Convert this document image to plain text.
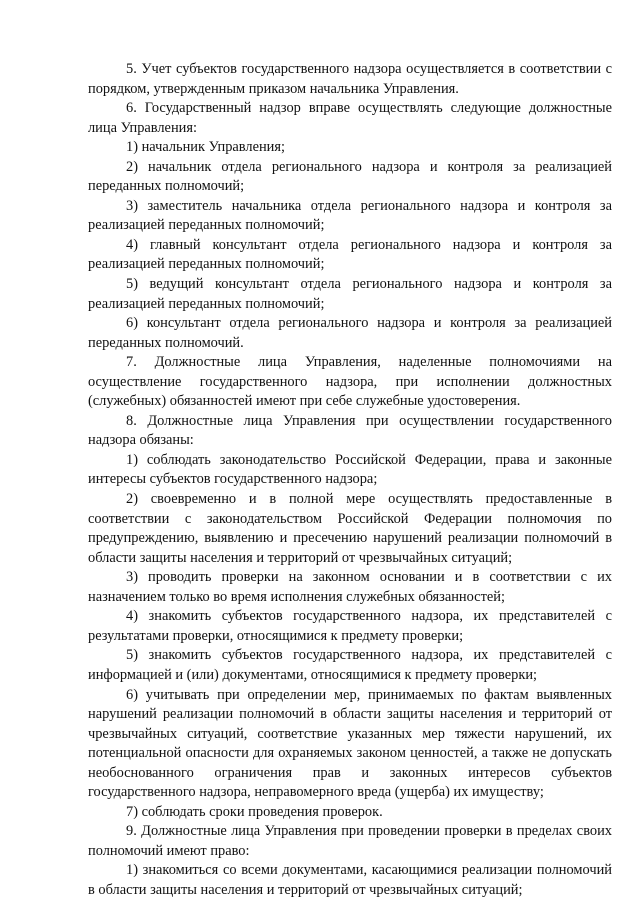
5. Учет субъектов государственного надзора осуществляется в соответствии с порядком, утвержденным приказом начальника Управления.

6. Государственный надзор вправе осуществлять следующие должностные лица Управления:

1) начальник Управления;

2) начальник отдела регионального надзора и контроля за реализацией переданных полномочий;

3) заместитель начальника отдела регионального надзора и контроля за реализацией переданных полномочий;

4) главный консультант отдела регионального надзора и контроля за реализацией переданных полномочий;

5) ведущий консультант отдела регионального надзора и контроля за реализацией переданных полномочий;

6) консультант отдела регионального надзора и контроля за реализацией переданных полномочий.

7. Должностные лица Управления, наделенные полномочиями на осуществление государственного надзора, при исполнении должностных (служебных) обязанностей имеют при себе служебные удостоверения.

8. Должностные лица Управления при осуществлении государственного надзора обязаны:

1) соблюдать законодательство Российской Федерации, права и законные интересы субъектов государственного надзора;

2) своевременно и в полной мере осуществлять предоставленные в соответствии с законодательством Российской Федерации полномочия по предупреждению, выявлению и пресечению нарушений реализации полномочий в области защиты населения и территорий от чрезвычайных ситуаций;

3) проводить проверки на законном основании и в соответствии с их назначением только во время исполнения служебных обязанностей;

4) знакомить субъектов государственного надзора, их представителей с результатами проверки, относящимися к предмету проверки;

5) знакомить субъектов государственного надзора, их представителей с информацией и (или) документами, относящимися к предмету проверки;

6) учитывать при определении мер, принимаемых по фактам выявленных нарушений реализации полномочий в области защиты населения и территорий от чрезвычайных ситуаций, соответствие указанных мер тяжести нарушений, их потенциальной опасности для охраняемых законом ценностей, а также не допускать необоснованного ограничения прав и законных интересов субъектов государственного надзора, неправомерного вреда (ущерба) их имуществу;

7) соблюдать сроки проведения проверок.

9. Должностные лица Управления при проведении проверки в пределах своих полномочий имеют право:

1) знакомиться со всеми документами, касающимися реализации полномочий в области защиты населения и территорий от чрезвычайных ситуаций;
